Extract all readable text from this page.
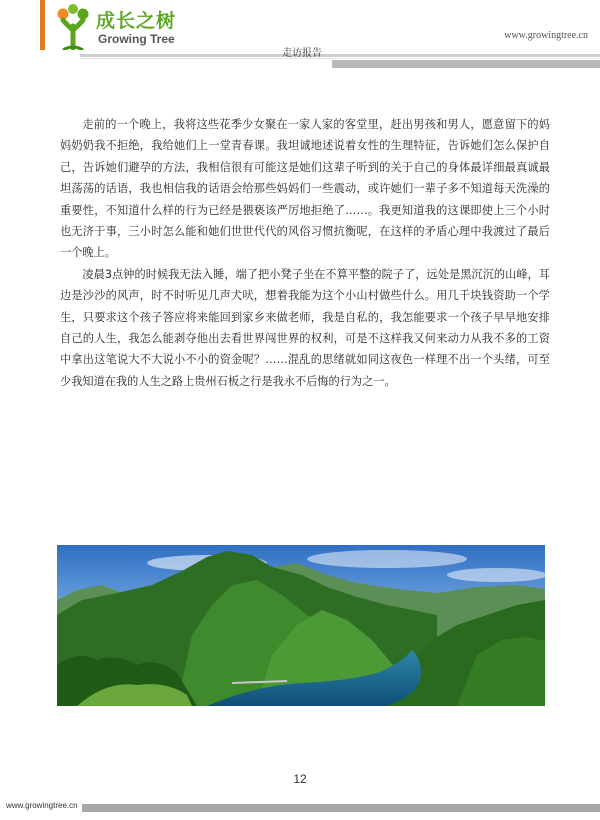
成长之树
Growing Tree	www.growingtree.cn
走访报告

走前的一个晚上，我将这些花季少女聚在一家人家的客堂里，赶出男孩和男人，愿意留下的妈妈奶奶我不拒绝，我给她们上一堂青春课。我坦诚地述说着女性的生理特征，告诉她们怎么保护自己，告诉她们避孕的方法，我相信很有可能这是她们这辈子听到的关于自己的身体最详细最真诚最坦荡荡的话语，我也相信我的话语会给那些妈妈们一些震动，或许她们一辈子多不知道每天洗澡的重要性，不知道什么样的行为已经是猥亵该严厉地拒绝了……。我更知道我的这课即使上三个小时也无济于事，三小时怎么能和她们世世代代的风俗习惯抗衡呢，在这样的矛盾心理中我渡过了最后一个晚上。

凌晨3点钟的时候我无法入睡，端了把小凳子坐在不算平整的院子了，远处是黑沉沉的山峰，耳边是沙沙的风声，时不时听见几声犬吠，想着我能为这个小山村做些什么。用几千块钱资助一个学生，只要求这个孩子答应将来能回到家乡来做老师，我是自私的，我怎能要求一个孩子早早地安排自己的人生，我怎么能剥夺他出去看世界闯世界的权利，可是不这样我又何来动力从我不多的工资中拿出这笔说大不大说小不小的资金呢？……混乱的思绪就如同这夜色一样理不出一个头绪，可至少我知道在我的人生之路上贵州石板之行是我永不后悔的行为之一。

12
www.growingtree.cn
